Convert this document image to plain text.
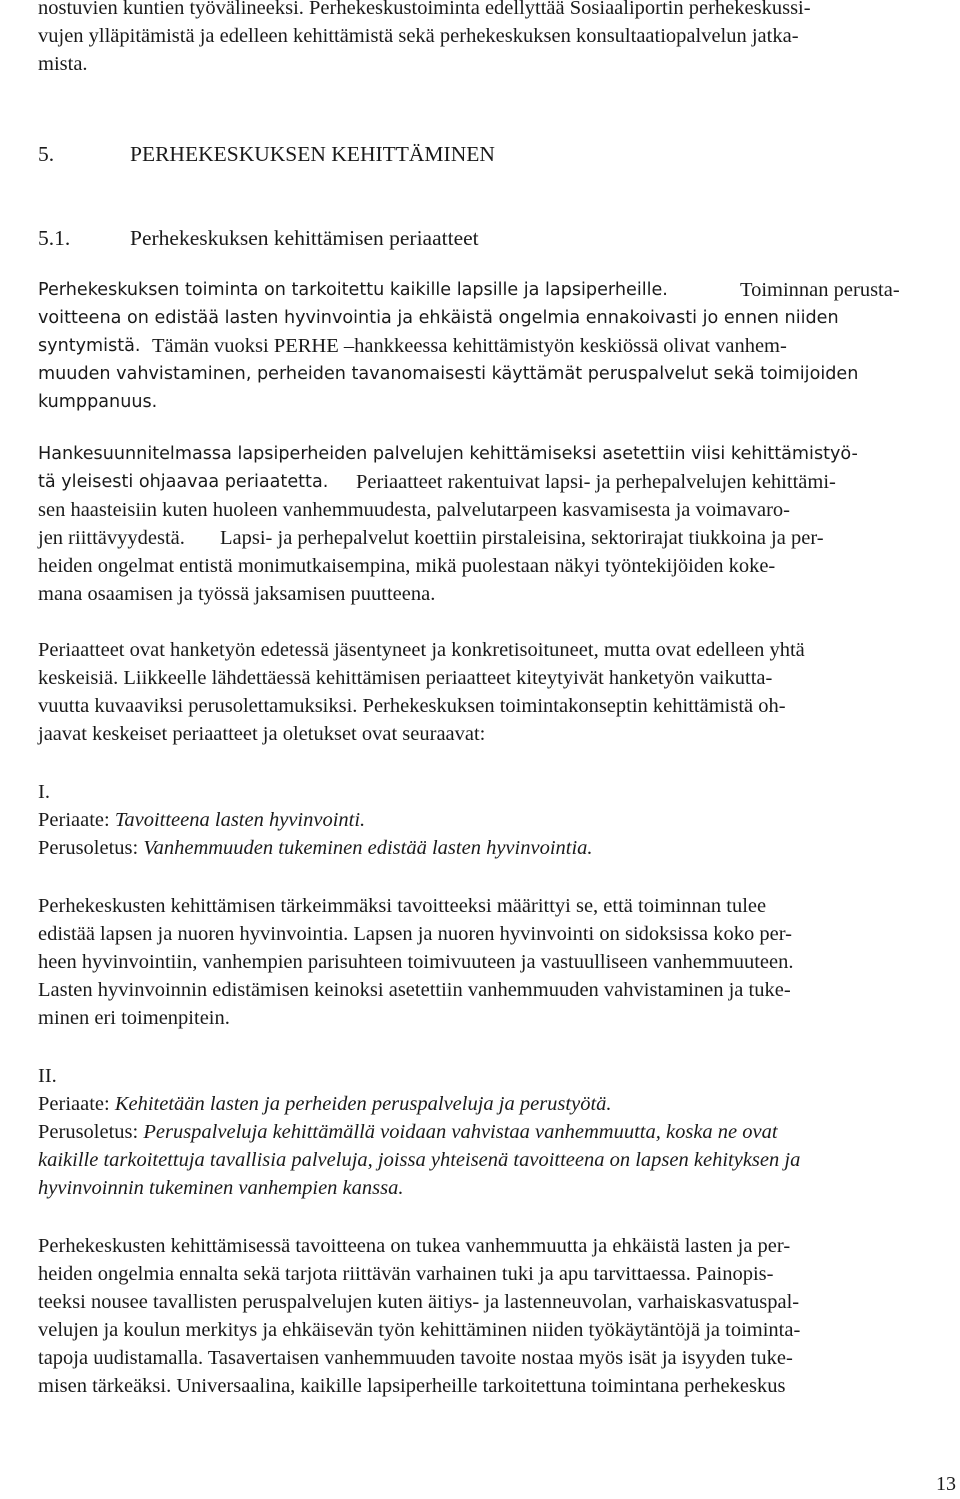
nostuvien kuntien työvälineeksi. Perhekeskustoiminta edellyttää Sosiaaliportin perhekeskussi-
vujen ylläpitämistä ja edelleen kehittämistä sekä perhekeskuksen konsultaatiopalvelun jatka-
mista.
5.	PERHEKESKUKSEN KEHITTÄMINEN
5.1.	Perhekeskuksen kehittämisen periaatteet
Perhekeskuksen toiminta on tarkoitettu kaikille lapsille ja lapsiperheille.	Toiminnan perusta-
voitteena on edistää lasten hyvinvointia ja ehkäistä ongelmia ennakoivasti jo ennen niiden
syntymistä. Tämän vuoksi PERHE –hankkeessa kehittämistyön keskiössä olivat vanhem-
muuden vahvistaminen, perheiden tavanomaisesti käyttämät peruspalvelut sekä toimijoiden
kumppanuus.
Hankesuunnitelmassa lapsiperheiden palvelujen kehittämiseksi asetettiin viisi kehittämistyö-
tä yleisesti ohjaavaa periaatetta. Periaatteet rakentuivat lapsi- ja perhepalvelujen kehittämi-
sen haasteisiin kuten huoleen vanhemmuudesta, palvelutarpeen kasvamisesta ja voimavaro-
jen riittävyydestä. Lapsi- ja perhepalvelut koettiin pirstaleisina, sektorirajat tiukkoina ja per-
heiden ongelmat entistä monimutkaisempina, mikä puolestaan näkyi työntekijöiden koke-
mana osaamisen ja työssä jaksamisen puutteena.
Periaatteet ovat hanketyön edetessä jäsentyneet ja konkretisoituneet, mutta ovat edelleen yhtä
keskeisiä. Liikkeelle lähdettäessä kehittämisen periaatteet kiteytyivät hanketyön vaikutta-
vuutta kuvaaviksi perusolettamuksiksi. Perhekeskuksen toimintakonseptin kehittämistä oh-
jaavat keskeiset periaatteet ja oletukset ovat seuraavat:
I.
Periaate: Tavoitteena lasten hyvinvointi.
Perusoletus: Vanhemmuuden tukeminen edistää lasten hyvinvointia.
Perhekeskusten kehittämisen tärkeimmäksi tavoitteeksi määrittyi se, että toiminnan tulee
edistää lapsen ja nuoren hyvinvointia. Lapsen ja nuoren hyvinvointi on sidoksissa koko per-
heen hyvinvointiin, vanhempien parisuhteen toimivuuteen ja vastuulliseen vanhemmuuteen.
Lasten hyvinvoinnin edistämisen keinoksi asetettiin vanhemmuuden vahvistaminen ja tuke-
minen eri toimenpitein.
II.
Periaate: Kehitetään lasten ja perheiden peruspalveluja ja perustyötä.
Perusoletus: Peruspalveluja kehittämällä voidaan vahvistaa vanhemmuutta, koska ne ovat
kaikille tarkoitettuja tavallisia palveluja, joissa yhteisenä tavoitteena on lapsen kehityksen ja
hyvinvoinnin tukeminen vanhempien kanssa.
Perhekeskusten kehittämisessä tavoitteena on tukea vanhemmuutta ja ehkäistä lasten ja per-
heiden ongelmia ennalta sekä tarjota riittävän varhainen tuki ja apu tarvittaessa. Painopis-
teeksi nousee tavallisten peruspalvelujen kuten äitiys- ja lastenneuvolan, varhaiskasvatuspal-
velujen ja koulun merkitys ja ehkäisevän työn kehittäminen niiden työkäytäntöjä ja toiminta-
tapoja uudistamalla. Tasavertaisen vanhemmuuden tavoite nostaa myös isät ja isyyden tuke-
misen tärkeäksi. Universaalina, kaikille lapsiperheille tarkoitettuna toimintana perhekeskus
13
